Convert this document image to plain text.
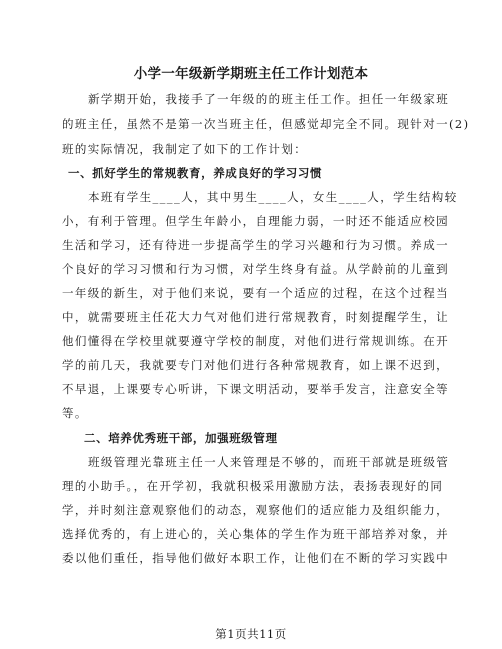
小学一年级新学期班主任工作计划范本
新学期开始，我接手了一年级的的班主任工作。担任一年级家班
的班主任，虽然不是第一次当班主任，但感觉却完全不同。现针对一(2)
班的实际情况，我制定了如下的工作计划：
一、抓好学生的常规教育，养成良好的学习习惯
本班有学生____人，其中男生____人，女生____人，学生结构较
小，有利于管理。但学生年龄小，自理能力弱，一时还不能适应校园
生活和学习，还有待进一步提高学生的学习兴趣和行为习惯。养成一
个良好的学习习惯和行为习惯，对学生终身有益。从学龄前的儿童到
一年级的新生，对于他们来说，要有一个适应的过程，在这个过程当
中，就需要班主任花大力气对他们进行常规教育，时刻提醒学生，让
他们懂得在学校里就要遵守学校的制度，对他们进行常规训练。在开
学的前几天，我就要专门对他们进行各种常规教育，如上课不迟到，
不早退，上课要专心听讲，下课文明活动，要举手发言，注意安全等
等。
二、培养优秀班干部，加强班级管理
班级管理光靠班主任一人来管理是不够的，而班干部就是班级管
理的小助手。，在开学初，我就积极采用激励方法，表扬表现好的同
学，并时刻注意观察他们的动态，观察他们的适应能力及组织能力，
选择优秀的，有上进心的，关心集体的学生作为班干部培养对象，并
委以他们重任，指导他们做好本职工作，让他们在不断的学习实践中
第1页共11页
